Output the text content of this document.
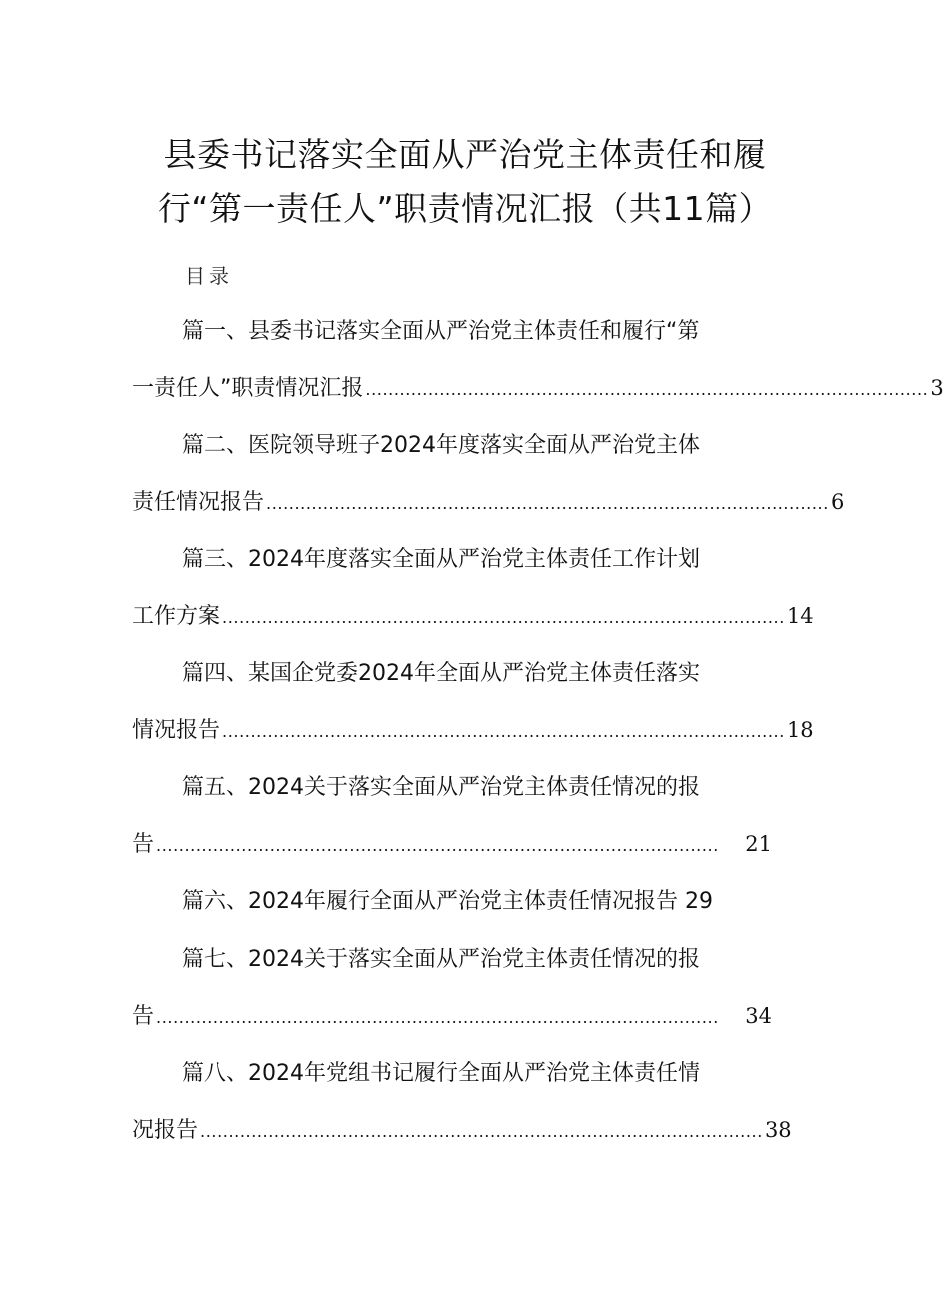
县委书记落实全面从严治党主体责任和履
行“第一责任人”职责情况汇报（共11篇）
目录
篇一、县委书记落实全面从严治党主体责任和履行“第
一责任人”职责情况汇报 ................................................................................................... 3
篇二、医院领导班子2024年度落实全面从严治党主体
责任情况报告 ................................................................................................... 6
篇三、2024年度落实全面从严治党主体责任工作计划
工作方案 ................................................................................................... 14
篇四、某国企党委2024年全面从严治党主体责任落实
情况报告 ................................................................................................... 18
篇五、2024关于落实全面从严治党主体责任情况的报
告 ...................................................................................................	21
篇六、2024年履行全面从严治党主体责任情况报告 29
篇七、2024关于落实全面从严治党主体责任情况的报
告 ...................................................................................................	34
篇八、2024年党组书记履行全面从严治党主体责任情
况报告 ................................................................................................... 38
